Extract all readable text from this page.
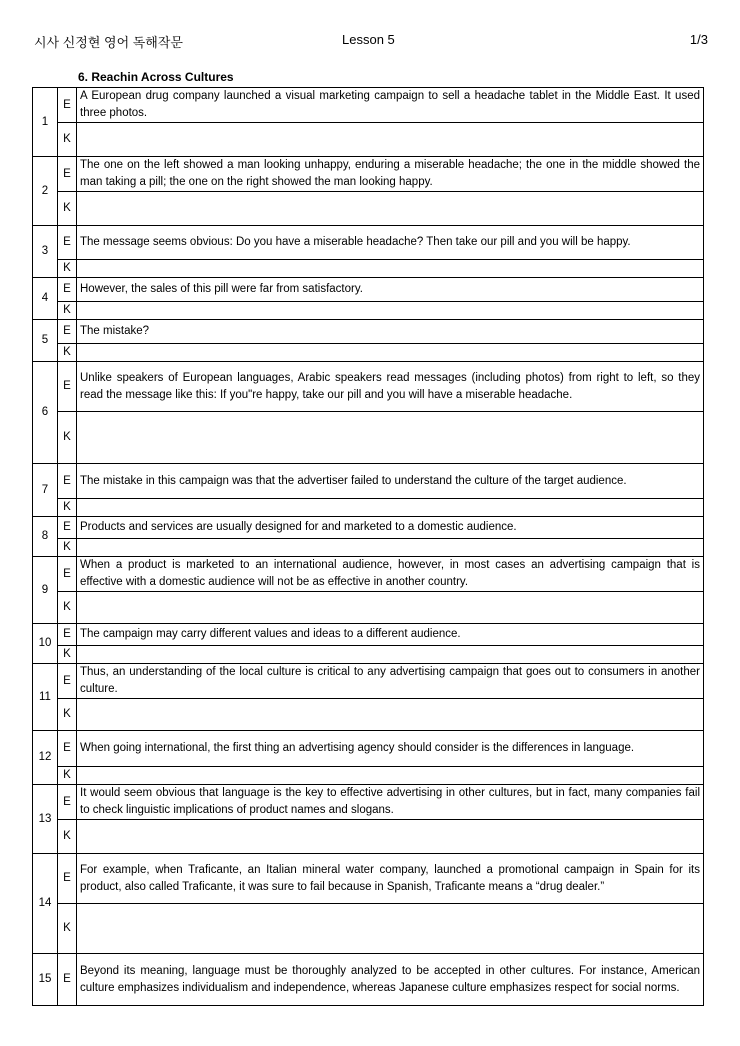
시사 신정현 영어 독해작문	Lesson 5	1/3
6. Reachin Across Cultures
1	E	A European drug company launched a visual marketing campaign to sell a headache tablet in the Middle East. It used three photos.

	K	
2	E	The one on the left showed a man looking unhappy, enduring a miserable headache; the one in the middle showed the man taking a pill; the one on the right showed the man looking happy.

	K	
3	E	The message seems obvious: Do you have a miserable headache? Then take our pill and you will be happy.

	K	
4	E	However, the sales of this pill were far from satisfactory.

	K	
5	E	The mistake?

	K	
6	E	Unlike speakers of European languages, Arabic speakers read messages (including photos) from right to left, so they read the message like this: If you"re happy, take our pill and you will have a miserable headache.

	K	
7	E	The mistake in this campaign was that the advertiser failed to understand the culture of the target audience.

	K	
8	E	Products and services are usually designed for and marketed to a domestic audience.

	K	
9	E	When a product is marketed to an international audience, however, in most cases an advertising campaign that is effective with a domestic audience will not be as effective in another country.

	K	
10	E	The campaign may carry different values and ideas to a different audience.

	K	
11	E	Thus, an understanding of the local culture is critical to any advertising campaign that goes out to consumers in another culture.

	K	
12	E	When going international, the first thing an advertising agency should consider is the differences in language.

	K	
13	E	It would seem obvious that language is the key to effective advertising in other cultures, but in fact, many companies fail to check linguistic implications of product names and slogans.

	K	
14	E	For example, when Traficante, an Italian mineral water company, launched a promotional campaign in Spain for its product, also called Traficante, it was sure to fail because in Spanish, Traficante means a “drug dealer.”

	K	
15	E	Beyond its meaning, language must be thoroughly analyzed to be accepted in other cultures. For instance, American culture emphasizes individualism and independence, whereas Japanese culture emphasizes respect for social norms.
